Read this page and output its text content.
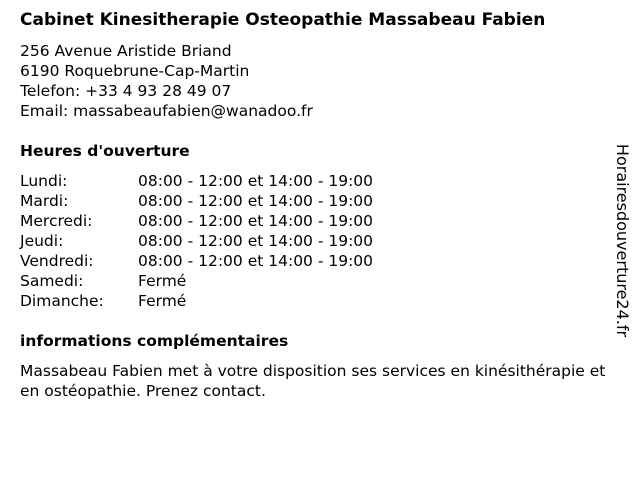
Cabinet Kinesitherapie Osteopathie Massabeau Fabien
256 Avenue Aristide Briand
6190 Roquebrune-Cap-Martin
Telefon: +33 4 93 28 49 07
Email: massabeaufabien@wanadoo.fr
Heures d'ouverture
Lundi:	08:00 - 12:00 et 14:00 - 19:00
Mardi:	08:00 - 12:00 et 14:00 - 19:00
Mercredi:	08:00 - 12:00 et 14:00 - 19:00
Jeudi:	08:00 - 12:00 et 14:00 - 19:00
Vendredi:	08:00 - 12:00 et 14:00 - 19:00
Samedi:	Fermé
Dimanche:	Fermé
informations complémentaires
Massabeau Fabien met à votre disposition ses services en kinésithérapie et en ostéopathie. Prenez contact.
Horairesdouverture24.fr
